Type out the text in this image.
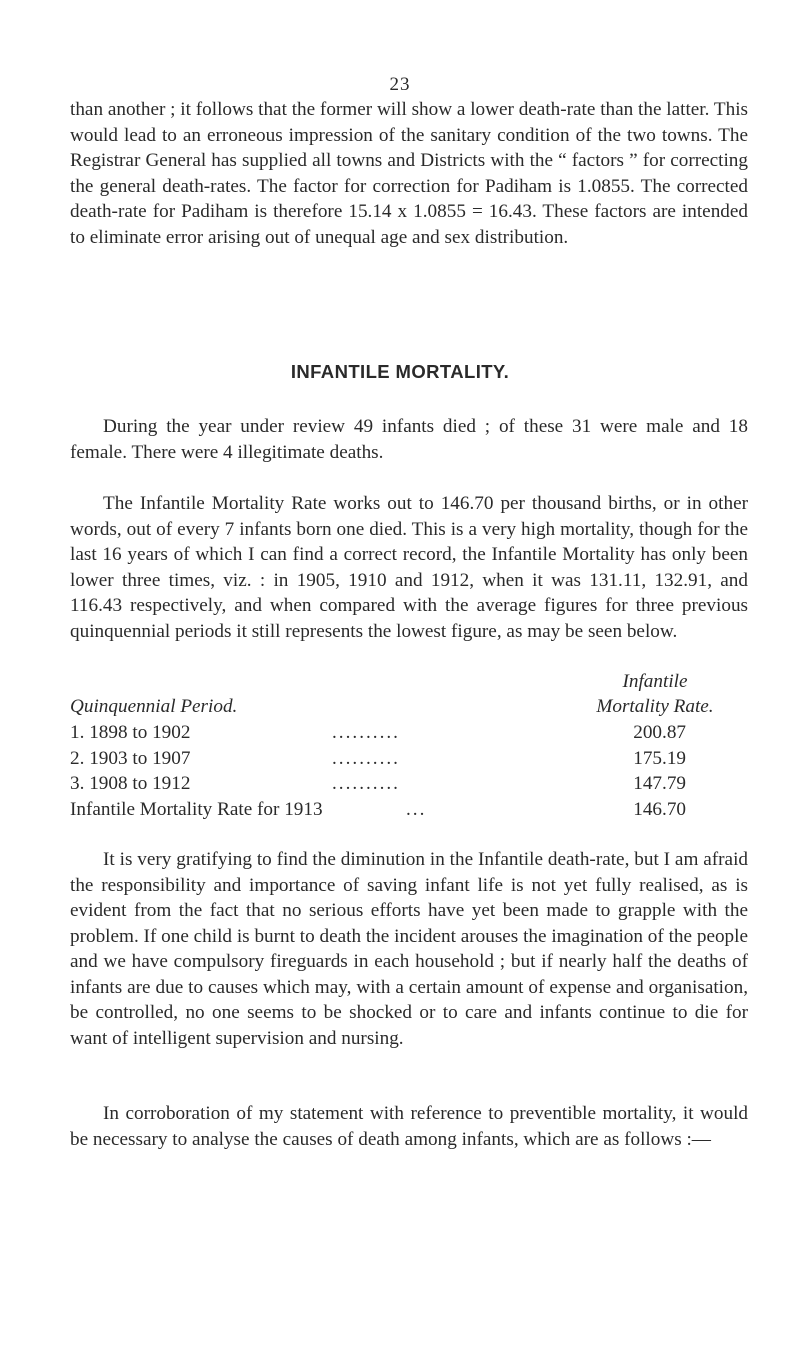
23

than another ; it follows that the former will show a lower death-rate than the latter. This would lead to an erroneous impression of the sanitary condition of the two towns. The Registrar General has supplied all towns and Districts with the “ factors ” for correcting the general death-rates. The factor for correction for Padiham is 1.0855. The corrected death-rate for Padiham is therefore 15.14 x 1.0855 = 16.43. These factors are intended to eliminate error arising out of unequal age and sex distribution.

INFANTILE MORTALITY.

During the year under review 49 infants died ; of these 31 were male and 18 female. There were 4 illegitimate deaths.

The Infantile Mortality Rate works out to 146.70 per thousand births, or in other words, out of every 7 infants born one died. This is a very high mortality, though for the last 16 years of which I can find a correct record, the Infantile Mortality has only been lower three times, viz. : in 1905, 1910 and 1912, when it was 131.11, 132.91, and 116.43 respectively, and when compared with the average figures for three previous quinquennial periods it still represents the lowest figure, as may be seen below.

Quinquennial Period.
Infantile
Mortality Rate.
1. 1898 to 1902	..........	200.87
2. 1903 to 1907	..........	175.19
3. 1908 to 1912	..........	147.79
Infantile Mortality Rate for 1913	...	146.70

It is very gratifying to find the diminution in the Infantile death-rate, but I am afraid the responsibility and importance of saving infant life is not yet fully realised, as is evident from the fact that no serious efforts have yet been made to grapple with the problem. If one child is burnt to death the incident arouses the imagination of the people and we have compulsory fireguards in each household ; but if nearly half the deaths of infants are due to causes which may, with a certain amount of expense and organisation, be controlled, no one seems to be shocked or to care and infants continue to die for want of intelligent supervision and nursing.

In corroboration of my statement with reference to preventible mortality, it would be necessary to analyse the causes of death among infants, which are as follows :—
